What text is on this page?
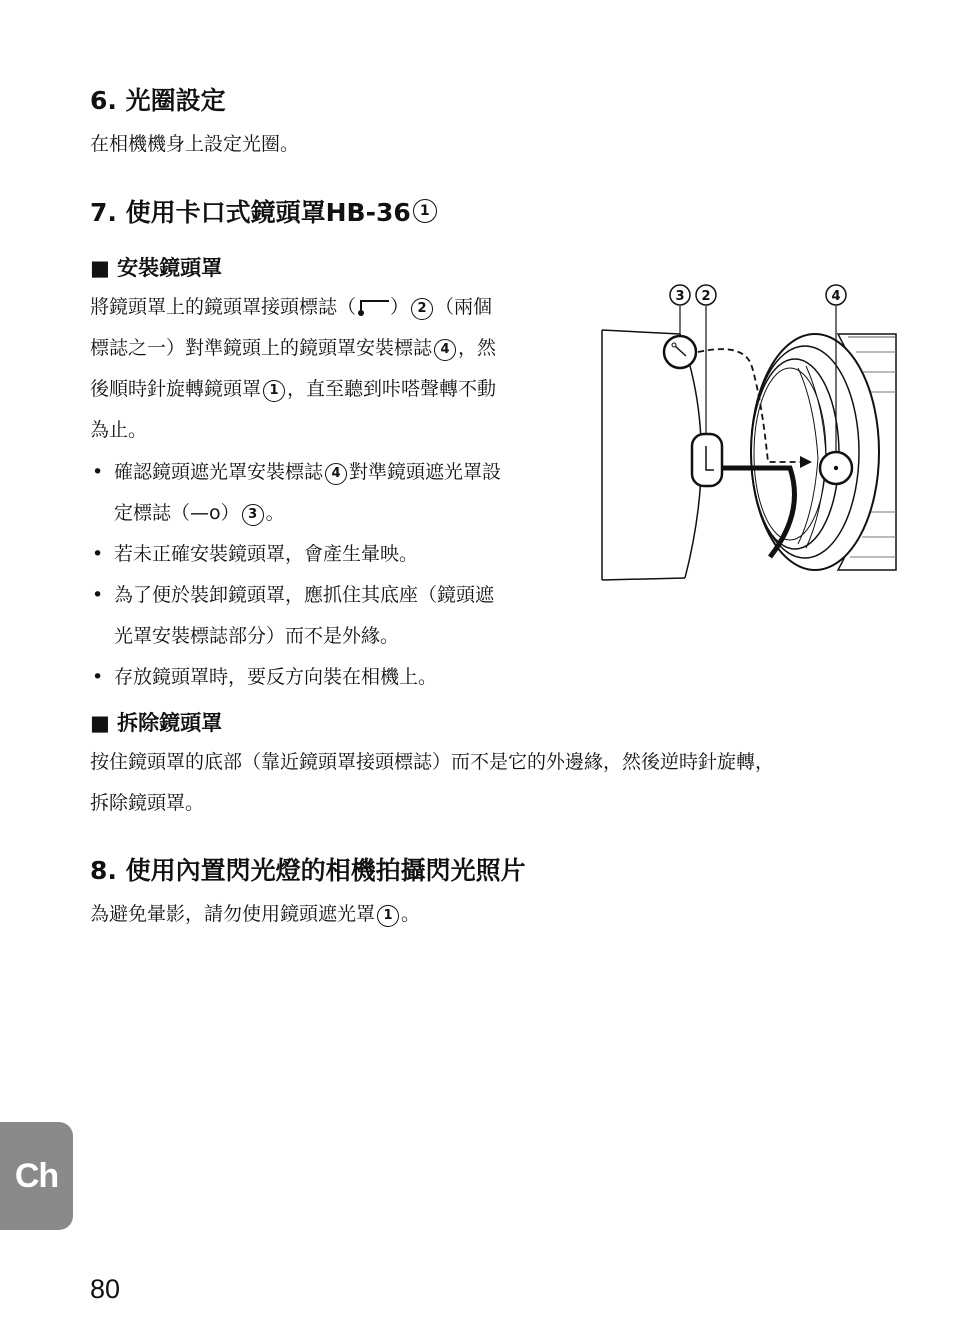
6. 光圈設定

在相機機身上設定光圈。

7. 使用卡口式鏡頭罩HB-36 1
■ 安裝鏡頭罩

將鏡頭罩上的鏡頭罩接頭標誌（ ） 2 （兩個
標誌之一）對準鏡頭上的鏡頭罩安裝標誌 4 ，然
後順時針旋轉鏡頭罩 1 ，直至聽到咔嗒聲轉不動
為止。

• 確認鏡頭遮光罩安裝標誌 4 對準鏡頭遮光罩設
定標誌（—o） 3 。
• 若未正確安裝鏡頭罩，會產生暈映。
• 為了便於裝卸鏡頭罩，應抓住其底座（鏡頭遮
光罩安裝標誌部分）而不是外緣。
• 存放鏡頭罩時，要反方向裝在相機上。
■ 拆除鏡頭罩

按住鏡頭罩的底部（靠近鏡頭罩接頭標誌）而不是它的外邊緣，然後逆時針旋轉，
拆除鏡頭罩。

8. 使用內置閃光燈的相機拍攝閃光照片

為避免暈影，請勿使用鏡頭遮光罩 1 。

3 2	4
Ch
80
